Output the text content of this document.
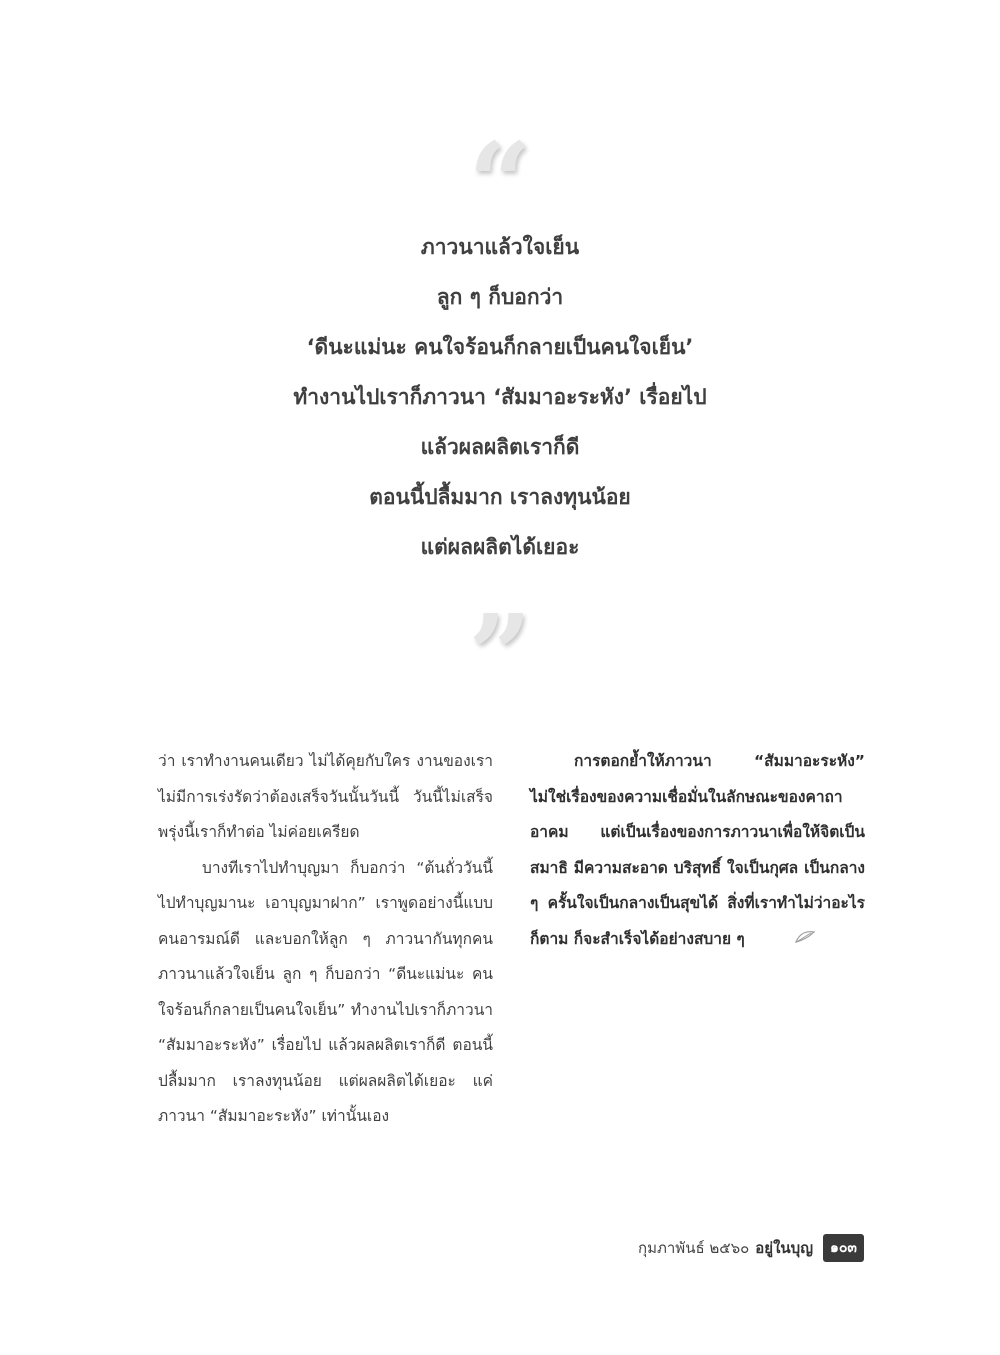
“
ภาวนาแล้วใจเย็น
ลูก ๆ ก็บอกว่า
‘ดีนะแม่นะ คนใจร้อนก็กลายเป็นคนใจเย็น’
ทำงานไปเราก็ภาวนา ‘สัมมาอะระหัง’ เรื่อยไป
แล้วผลผลิตเราก็ดี
ตอนนี้ปลื้มมาก เราลงทุนน้อย
แต่ผลผลิตได้เยอะ
”

ว่า เราทำงานคนเดียว ไม่ได้คุยกับใคร งานของเราไม่มีการเร่งรัดว่าต้องเสร็จวันนั้นวันนี้ วันนี้ไม่เสร็จพรุ่งนี้เราก็ทำต่อ ไม่ค่อยเครียด

บางทีเราไปทำบุญมา ก็บอกว่า “ต้นถั่ววันนี้ไปทำบุญมานะ เอาบุญมาฝาก” เราพูดอย่างนี้แบบคนอารมณ์ดี และบอกให้ลูก ๆ ภาวนากันทุกคน ภาวนาแล้วใจเย็น ลูก ๆ ก็บอกว่า “ดีนะแม่นะ คนใจร้อนก็กลายเป็นคนใจเย็น” ทำงานไปเราก็ภาวนา “สัมมาอะระหัง” เรื่อยไป แล้วผลผลิตเราก็ดี ตอนนี้ปลื้มมาก เราลงทุนน้อย แต่ผลผลิตได้เยอะ แค่ภาวนา “สัมมาอะระหัง” เท่านั้นเอง

การตอกย้ำให้ภาวนา “สัมมาอะระหัง” ไม่ใช่เรื่องของความเชื่อมั่นในลักษณะของคาถาอาคม แต่เป็นเรื่องของการภาวนาเพื่อให้จิตเป็นสมาธิ มีความสะอาด บริสุทธิ์ ใจเป็นกุศล เป็นกลาง ๆ ครั้นใจเป็นกลางเป็นสุขได้ สิ่งที่เราทำไม่ว่าอะไรก็ตาม ก็จะสำเร็จได้อย่างสบาย ๆ

กุมภาพันธ์ ๒๕๖๐ อยู่ในบุญ	๑๐๓
